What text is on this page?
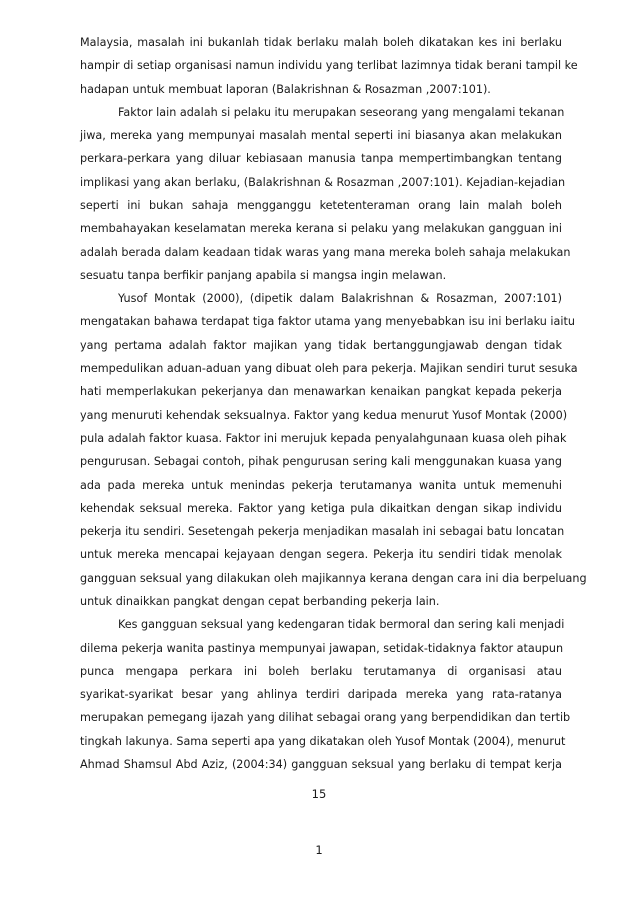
Malaysia, masalah ini bukanlah tidak berlaku malah boleh dikatakan kes ini berlaku
hampir di setiap organisasi namun individu yang terlibat lazimnya tidak berani tampil ke
hadapan untuk membuat laporan (Balakrishnan & Rosazman ,2007:101).
Faktor lain adalah si pelaku itu merupakan seseorang yang mengalami tekanan
jiwa, mereka yang mempunyai masalah mental seperti ini biasanya akan melakukan
perkara-perkara yang diluar kebiasaan manusia tanpa mempertimbangkan tentang
implikasi yang akan berlaku, (Balakrishnan & Rosazman ,2007:101). Kejadian-kejadian
seperti ini bukan sahaja mengganggu ketetenteraman orang lain malah boleh
membahayakan keselamatan mereka kerana si pelaku yang melakukan gangguan ini
adalah berada dalam keadaan tidak waras yang mana mereka boleh sahaja melakukan
sesuatu tanpa berfikir panjang apabila si mangsa ingin melawan.
Yusof Montak (2000), (dipetik dalam Balakrishnan & Rosazman, 2007:101)
mengatakan bahawa terdapat tiga faktor utama yang menyebabkan isu ini berlaku iaitu
yang pertama adalah faktor majikan yang tidak bertanggungjawab dengan tidak
mempedulikan aduan-aduan yang dibuat oleh para pekerja. Majikan sendiri turut sesuka
hati memperlakukan pekerjanya dan menawarkan kenaikan pangkat kepada pekerja
yang menuruti kehendak seksualnya. Faktor yang kedua menurut Yusof Montak (2000)
pula adalah faktor kuasa. Faktor ini merujuk kepada penyalahgunaan kuasa oleh pihak
pengurusan. Sebagai contoh, pihak pengurusan sering kali menggunakan kuasa yang
ada pada mereka untuk menindas pekerja terutamanya wanita untuk memenuhi
kehendak seksual mereka. Faktor yang ketiga pula dikaitkan dengan sikap individu
pekerja itu sendiri. Sesetengah pekerja menjadikan masalah ini sebagai batu loncatan
untuk mereka mencapai kejayaan dengan segera. Pekerja itu sendiri tidak menolak
gangguan seksual yang dilakukan oleh majikannya kerana dengan cara ini dia berpeluang
untuk dinaikkan pangkat dengan cepat berbanding pekerja lain.
Kes gangguan seksual yang kedengaran tidak bermoral dan sering kali menjadi
dilema pekerja wanita pastinya mempunyai jawapan, setidak-tidaknya faktor ataupun
punca mengapa perkara ini boleh berlaku terutamanya di organisasi atau
syarikat-syarikat besar yang ahlinya terdiri daripada mereka yang rata-ratanya
merupakan pemegang ijazah yang dilihat sebagai orang yang berpendidikan dan tertib
tingkah lakunya. Sama seperti apa yang dikatakan oleh Yusof Montak (2004), menurut
Ahmad Shamsul Abd Aziz, (2004:34) gangguan seksual yang berlaku di tempat kerja
15
1
